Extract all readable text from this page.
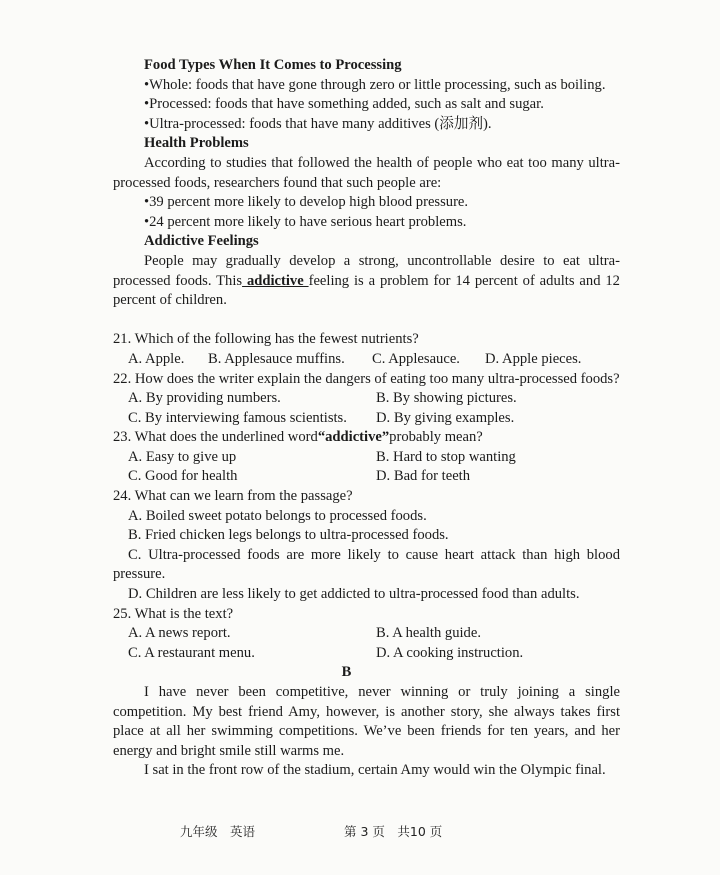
Food Types When It Comes to Processing

•Whole: foods that have gone through zero or little processing, such as boiling.

•Processed: foods that have something added, such as salt and sugar.

•Ultra-processed: foods that have many additives (添加剂).

Health Problems

According to studies that followed the health of people who eat too many ultra-processed foods, researchers found that such people are:

•39 percent more likely to develop high blood pressure.

•24 percent more likely to have serious heart problems.

Addictive Feelings

People may gradually develop a strong, uncontrollable desire to eat ultra-processed foods. This addictive feeling is a problem for 14 percent of adults and 12 percent of children.

21. Which of the following has the fewest nutrients?

A. Apple.	B. Applesauce muffins.	C. Applesauce.	D. Apple pieces.

22. How does the writer explain the dangers of eating too many ultra-processed foods?

A. By providing numbers.	B. By showing pictures.
C. By interviewing famous scientists.	D. By giving examples.

23. What does the underlined word“addictive”probably mean?

A. Easy to give up	B. Hard to stop wanting
C. Good for health	D. Bad for teeth

24. What can we learn from the passage?

A. Boiled sweet potato belongs to processed foods.

B. Fried chicken legs belongs to ultra-processed foods.

C. Ultra-processed foods are more likely to cause heart attack than high blood pressure.

D. Children are less likely to get addicted to ultra-processed food than adults.

25. What is the text?

A. A news report.	B. A health guide.
C. A restaurant menu.	D. A cooking instruction.

B

I have never been competitive, never winning or truly joining a single competition. My best friend Amy, however, is another story, she always takes first place at all her swimming competitions. We’ve been friends for ten years, and her energy and bright smile still warms me.

I sat in the front row of the stadium, certain Amy would win the Olympic final.

九年级　英语	第 3 页　共10 页
